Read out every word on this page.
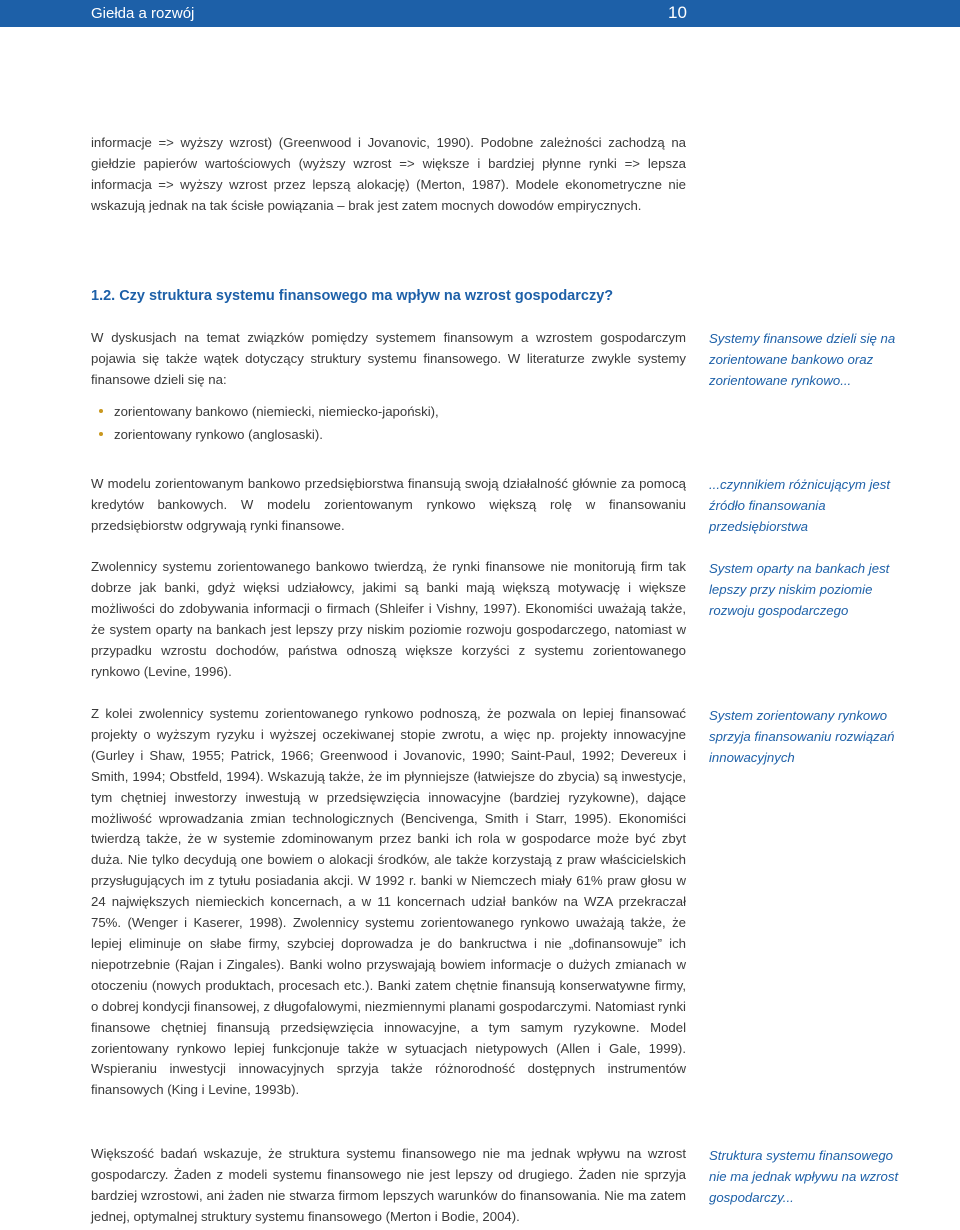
Giełda a rozwój	10

informacje => wyższy wzrost) (Greenwood i Jovanovic, 1990). Podobne zależności zachodzą na giełdzie papierów wartościowych (wyższy wzrost => większe i bardziej płynne rynki => lepsza informacja => wyższy wzrost przez lepszą alokację) (Merton, 1987). Modele ekonometryczne nie wskazują jednak na tak ścisłe powiązania – brak jest zatem mocnych dowodów empirycznych.

1.2. Czy struktura systemu finansowego ma wpływ na wzrost gospodarczy?

W dyskusjach na temat związków pomiędzy systemem finansowym a wzrostem gospodarczym pojawia się także wątek dotyczący struktury systemu finansowego. W literaturze zwykle systemy finansowe dzieli się na:

zorientowany bankowo (niemiecki, niemiecko-japoński),
zorientowany rynkowo (anglosaski).

W modelu zorientowanym bankowo przedsiębiorstwa finansują swoją działalność głównie za pomocą kredytów bankowych. W modelu zorientowanym rynkowo większą rolę w finansowaniu przedsiębiorstw odgrywają rynki finansowe.

Zwolennicy systemu zorientowanego bankowo twierdzą, że rynki finansowe nie monitorują firm tak dobrze jak banki, gdyż więksi udziałowcy, jakimi są banki mają większą motywację i większe możliwości do zdobywania informacji o firmach (Shleifer i Vishny, 1997). Ekonomiści uważają także, że system oparty na bankach jest lepszy przy niskim poziomie rozwoju gospodarczego, natomiast w przypadku wzrostu dochodów, państwa odnoszą większe korzyści z systemu zorientowanego rynkowo (Levine, 1996).

Z kolei zwolennicy systemu zorientowanego rynkowo podnoszą, że pozwala on lepiej finansować projekty o wyższym ryzyku i wyższej oczekiwanej stopie zwrotu, a więc np. projekty innowacyjne (Gurley i Shaw, 1955; Patrick, 1966; Greenwood i Jovanovic, 1990; Saint-Paul, 1992; Devereux i Smith, 1994; Obstfeld, 1994). Wskazują także, że im płynniejsze (łatwiejsze do zbycia) są inwestycje, tym chętniej inwestorzy inwestują w przedsięwzięcia innowacyjne (bardziej ryzykowne), dające możliwość wprowadzania zmian technologicznych (Bencivenga, Smith i Starr, 1995). Ekonomiści twierdzą także, że w systemie zdominowanym przez banki ich rola w gospodarce może być zbyt duża. Nie tylko decydują one bowiem o alokacji środków, ale także korzystają z praw właścicielskich przysługujących im z tytułu posiadania akcji. W 1992 r. banki w Niemczech miały 61% praw głosu w 24 największych niemieckich koncernach, a w 11 koncernach udział banków na WZA przekraczał 75%. (Wenger i Kaserer, 1998). Zwolennicy systemu zorientowanego rynkowo uważają także, że lepiej eliminuje on słabe firmy, szybciej doprowadza je do bankructwa i nie „dofinansowuje” ich niepotrzebnie (Rajan i Zingales). Banki wolno przyswajają bowiem informacje o dużych zmianach w otoczeniu (nowych produktach, procesach etc.). Banki zatem chętnie finansują konserwatywne firmy, o dobrej kondycji finansowej, z długofalowymi, niezmiennymi planami gospodarczymi. Natomiast rynki finansowe chętniej finansują przedsięwzięcia innowacyjne, a tym samym ryzykowne. Model zorientowany rynkowo lepiej funkcjonuje także w sytuacjach nietypowych (Allen i Gale, 1999). Wspieraniu inwestycji innowacyjnych sprzyja także różnorodność dostępnych instrumentów finansowych (King i Levine, 1993b).

Większość badań wskazuje, że struktura systemu finansowego nie ma jednak wpływu na wzrost gospodarczy. Żaden z modeli systemu finansowego nie jest lepszy od drugiego. Żaden nie sprzyja bardziej wzrostowi, ani żaden nie stwarza firmom lepszych warunków do finansowania. Nie ma zatem jednej, optymalnej struktury systemu finansowego (Merton i Bodie, 2004).

Systemy finansowe dzieli się na zorientowane bankowo oraz zorientowane rynkowo...

...czynnikiem różnicującym jest źródło finansowania przedsiębiorstwa

System oparty na bankach jest lepszy przy niskim poziomie rozwoju gospodarczego

System zorientowany rynkowo sprzyja finansowaniu rozwiązań innowacyjnych

Struktura systemu finansowego nie ma jednak wpływu na wzrost gospodarczy...
